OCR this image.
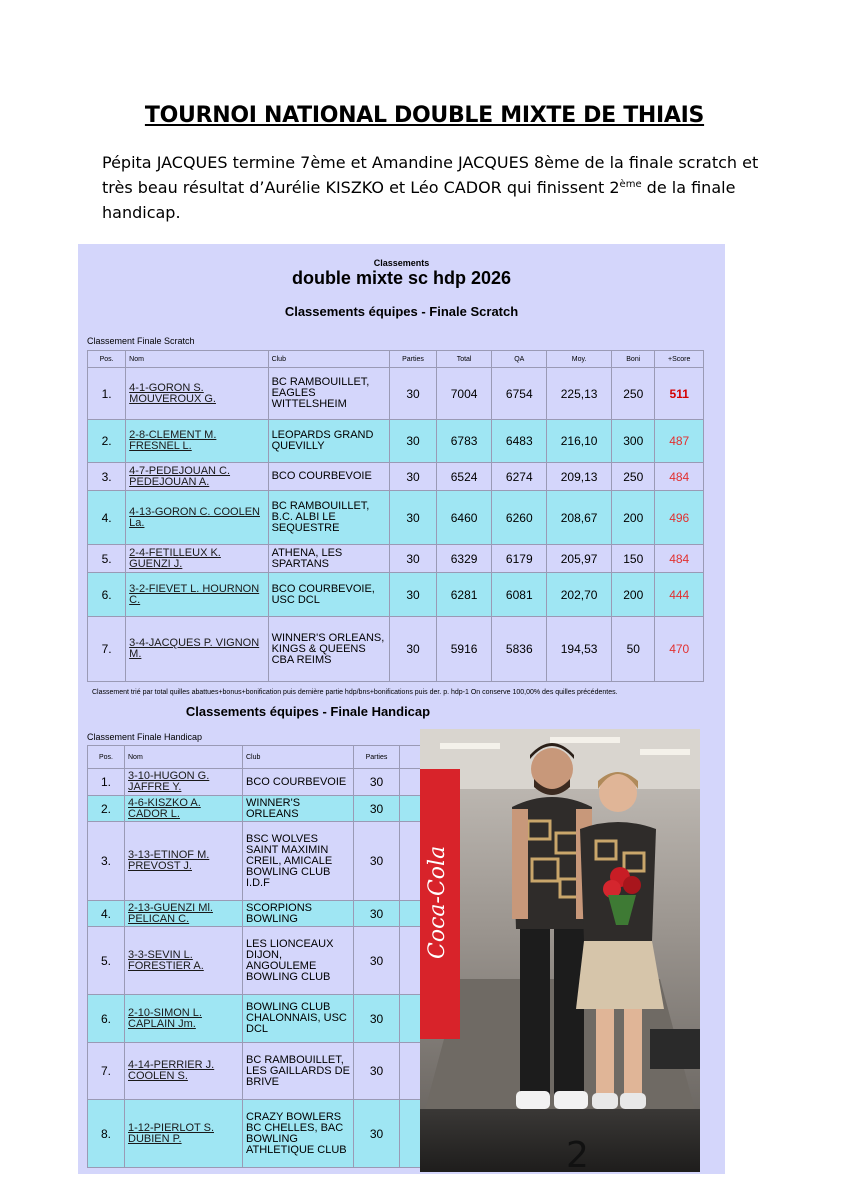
TOURNOI NATIONAL DOUBLE MIXTE DE THIAIS
Pépita JACQUES termine 7ème et Amandine JACQUES 8ème de la finale scratch et très beau résultat d’Aurélie KISZKO et Léo CADOR qui finissent 2ème de la finale handicap.
Classements
double mixte sc hdp 2026
Classements équipes - Finale Scratch
Classement Finale Scratch
Pos.	Nom	Club	Parties	Total	QA	Moy.	Boni	+Score
1.	4-1-GORON S. MOUVEROUX G.	BC RAMBOUILLET, EAGLES WITTELSHEIM	30	7004	6754	225,13	250	511
2.	2-8-CLEMENT M. FRESNEL L.	LEOPARDS GRAND QUEVILLY	30	6783	6483	216,10	300	487
3.	4-7-PEDEJOUAN C. PEDEJOUAN A.	BCO COURBEVOIE	30	6524	6274	209,13	250	484
4.	4-13-GORON C. COOLEN La.	BC RAMBOUILLET, B.C. ALBI LE SEQUESTRE	30	6460	6260	208,67	200	496
5.	2-4-FETILLEUX K. GUENZI J.	ATHENA, LES SPARTANS	30	6329	6179	205,97	150	484
6.	3-2-FIEVET L. HOURNON C.	BCO COURBEVOIE, USC DCL	30	6281	6081	202,70	200	444
7.	3-4-JACQUES P. VIGNON M.	WINNER'S ORLEANS, KINGS & QUEENS CBA REIMS	30	5916	5836	194,53	50	470
Classement trié par total quilles abattues+bonus+bonification puis dernière partie hdp/bns+bonifications puis der. p. hdp-1 On conserve 100,00% des quilles précédentes.
Classements équipes - Finale Handicap
Classement Finale Handicap
Pos.	Nom	Club	Parties	
1.	3-10-HUGON G. JAFFRE Y.	BCO COURBEVOIE	30	
2.	4-6-KISZKO A. CADOR L.	WINNER'S ORLEANS	30	
3.	3-13-ETINOF M. PREVOST J.	BSC WOLVES SAINT MAXIMIN CREIL, AMICALE BOWLING CLUB I.D.F	30	
4.	2-13-GUENZI Ml. PELICAN C.	SCORPIONS BOWLING	30	
5.	3-3-SEVIN L. FORESTIER A.	LES LIONCEAUX DIJON, ANGOULEME BOWLING CLUB	30	
6.	2-10-SIMON L. CAPLAIN Jm.	BOWLING CLUB CHALONNAIS, USC DCL	30	
7.	4-14-PERRIER J. COOLEN S.	BC RAMBOUILLET, LES GAILLARDS DE BRIVE	30	
8.	1-12-PIERLOT S. DUBIEN P.	CRAZY BOWLERS BC CHELLES, BAC BOWLING ATHLETIQUE CLUB	30	
Coca-Cola
2
